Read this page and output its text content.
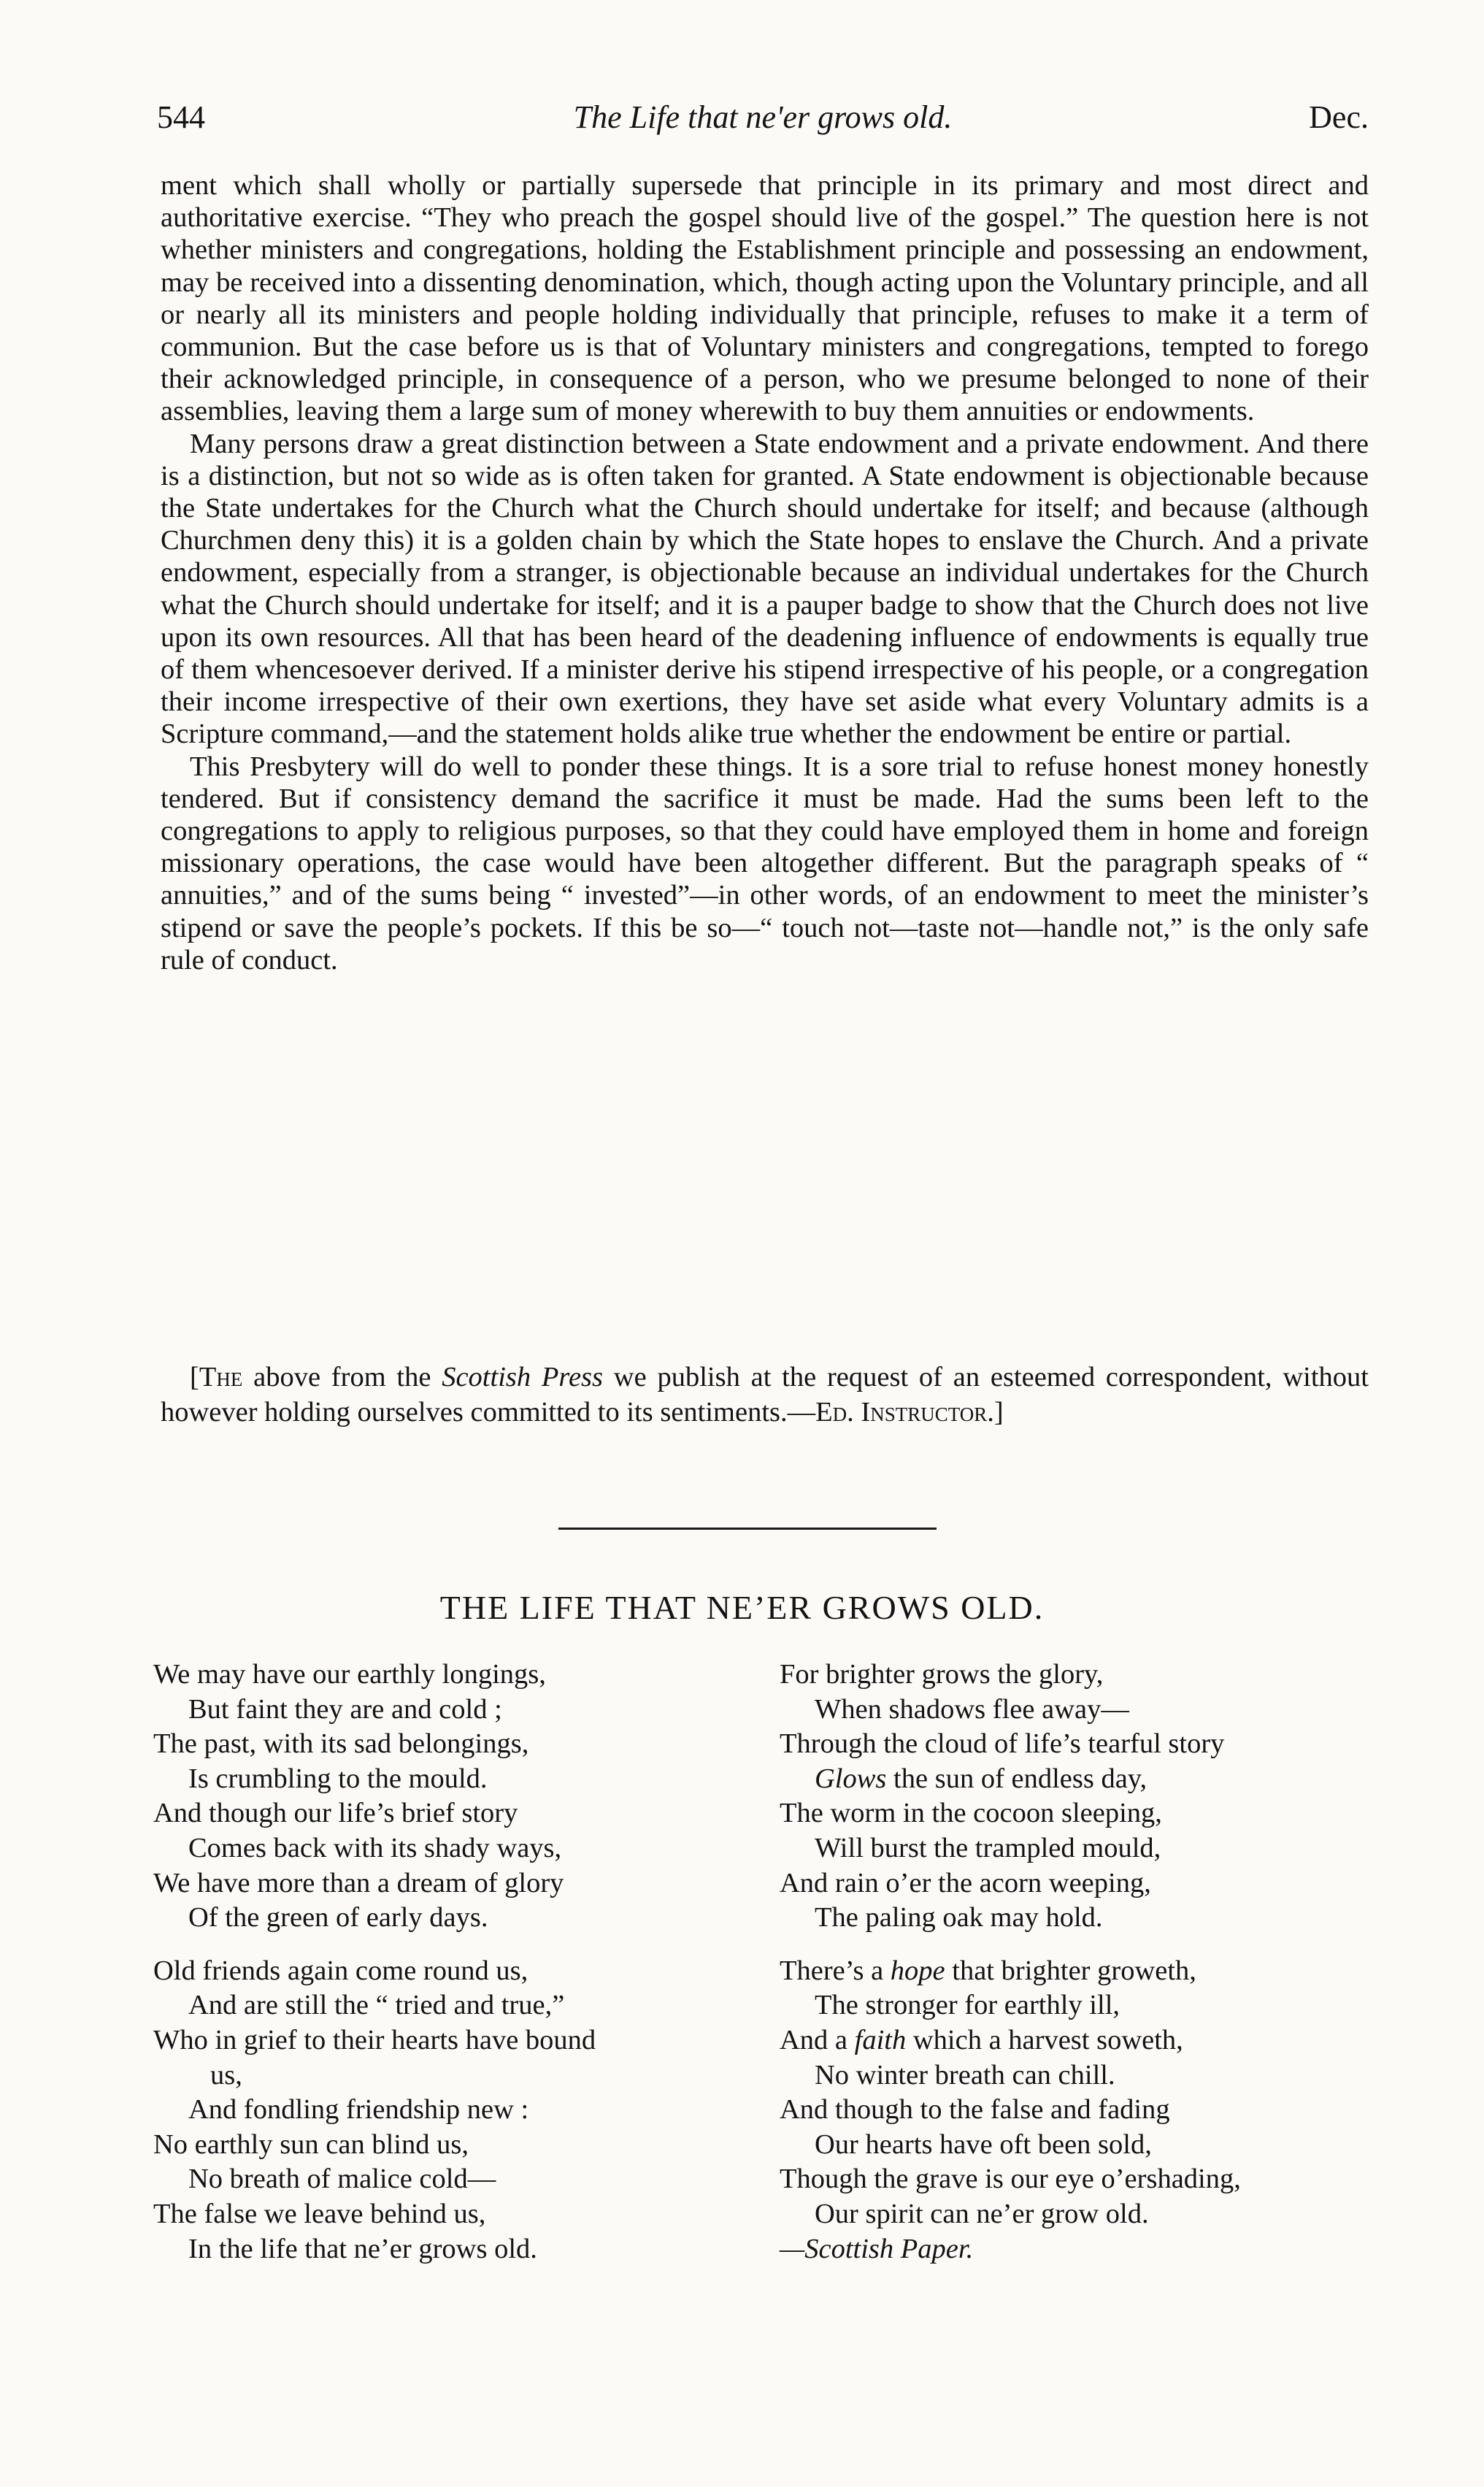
544	The Life that ne'er grows old.	Dec.

ment which shall wholly or partially supersede that principle in its primary and most direct and authoritative exercise. “They who preach the gospel should live of the gospel.” The question here is not whether ministers and congregations, holding the Establishment principle and possessing an endowment, may be received into a dissenting denomination, which, though acting upon the Voluntary principle, and all or nearly all its ministers and people holding individually that principle, refuses to make it a term of communion. But the case before us is that of Voluntary ministers and congregations, tempted to forego their acknowledged principle, in consequence of a person, who we presume belonged to none of their assemblies, leaving them a large sum of money wherewith to buy them annuities or endowments.

Many persons draw a great distinction between a State endowment and a private endowment. And there is a distinction, but not so wide as is often taken for granted. A State endowment is objectionable because the State undertakes for the Church what the Church should undertake for itself; and because (although Churchmen deny this) it is a golden chain by which the State hopes to enslave the Church. And a private endowment, especially from a stranger, is objectionable because an individual undertakes for the Church what the Church should undertake for itself; and it is a pauper badge to show that the Church does not live upon its own resources. All that has been heard of the deadening influence of endowments is equally true of them whencesoever derived. If a minister derive his stipend irrespective of his people, or a congregation their income irrespective of their own exertions, they have set aside what every Voluntary admits is a Scripture command,—and the statement holds alike true whether the endowment be entire or partial.

This Presbytery will do well to ponder these things. It is a sore trial to refuse honest money honestly tendered. But if consistency demand the sacrifice it must be made. Had the sums been left to the congregations to apply to religious purposes, so that they could have employed them in home and foreign missionary operations, the case would have been altogether different. But the paragraph speaks of “ annuities,” and of the sums being “ invested”—in other words, of an endowment to meet the minister’s stipend or save the people’s pockets. If this be so—“ touch not—taste not—handle not,” is the only safe rule of conduct.

[The above from the Scottish Press we publish at the request of an esteemed correspondent, without however holding ourselves committed to its sentiments.—Ed. Instructor.]

THE LIFE THAT NE’ER GROWS OLD.
We may have our earthly longings,
But faint they are and cold ;
The past, with its sad belongings,
Is crumbling to the mould.
And though our life’s brief story
Comes back with its shady ways,
We have more than a dream of glory
Of the green of early days.
Old friends again come round us,
And are still the “ tried and true,”
Who in grief to their hearts have bound
us,
And fondling friendship new :
No earthly sun can blind us,
No breath of malice cold—
The false we leave behind us,
In the life that ne’er grows old.
For brighter grows the glory,
When shadows flee away—
Through the cloud of life’s tearful story
Glows the sun of endless day,
The worm in the cocoon sleeping,
Will burst the trampled mould,
And rain o’er the acorn weeping,
The paling oak may hold.
There’s a hope that brighter groweth,
The stronger for earthly ill,
And a faith which a harvest soweth,
No winter breath can chill.
And though to the false and fading
Our hearts have oft been sold,
Though the grave is our eye o’ershading,
Our spirit can ne’er grow old.
—Scottish Paper.
